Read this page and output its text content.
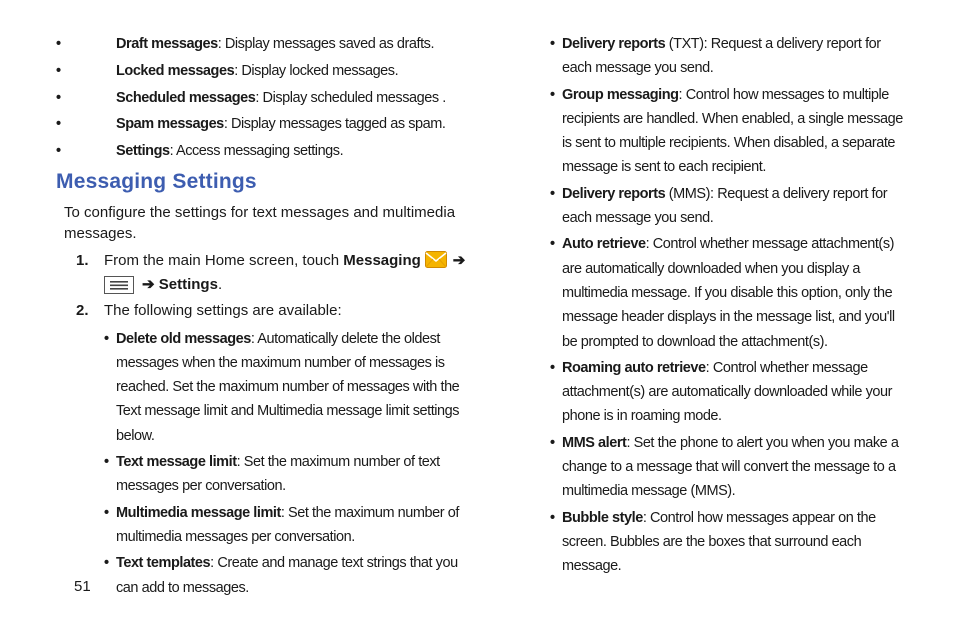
• Draft messages: Display messages saved as drafts.
• Locked messages: Display locked messages.
• Scheduled messages: Display scheduled messages .
• Spam messages: Display messages tagged as spam.
• Settings: Access messaging settings.
Messaging Settings

To configure the settings for text messages and multimedia messages.

1. From the main Home screen, touch Messaging ➔
➔ Settings.
2. The following settings are available:
• Delete old messages: Automatically delete the oldest messages when the maximum number of messages is reached. Set the maximum number of messages with the Text message limit and Multimedia message limit settings below.
• Text message limit: Set the maximum number of text messages per conversation.
• Multimedia message limit: Set the maximum number of multimedia messages per conversation.
• Text templates: Create and manage text strings that you can add to messages.
• Delivery reports (TXT): Request a delivery report for each message you send.
• Group messaging: Control how messages to multiple recipients are handled. When enabled, a single message is sent to multiple recipients. When disabled, a separate message is sent to each recipient.
• Delivery reports (MMS): Request a delivery report for each message you send.
• Auto retrieve: Control whether message attachment(s) are automatically downloaded when you display a multimedia message. If you disable this option, only the message header displays in the message list, and you'll be prompted to download the attachment(s).
• Roaming auto retrieve: Control whether message attachment(s) are automatically downloaded while your phone is in roaming mode.
• MMS alert: Set the phone to alert you when you make a change to a message that will convert the message to a multimedia message (MMS).
• Bubble style: Control how messages appear on the screen. Bubbles are the boxes that surround each message.
51
